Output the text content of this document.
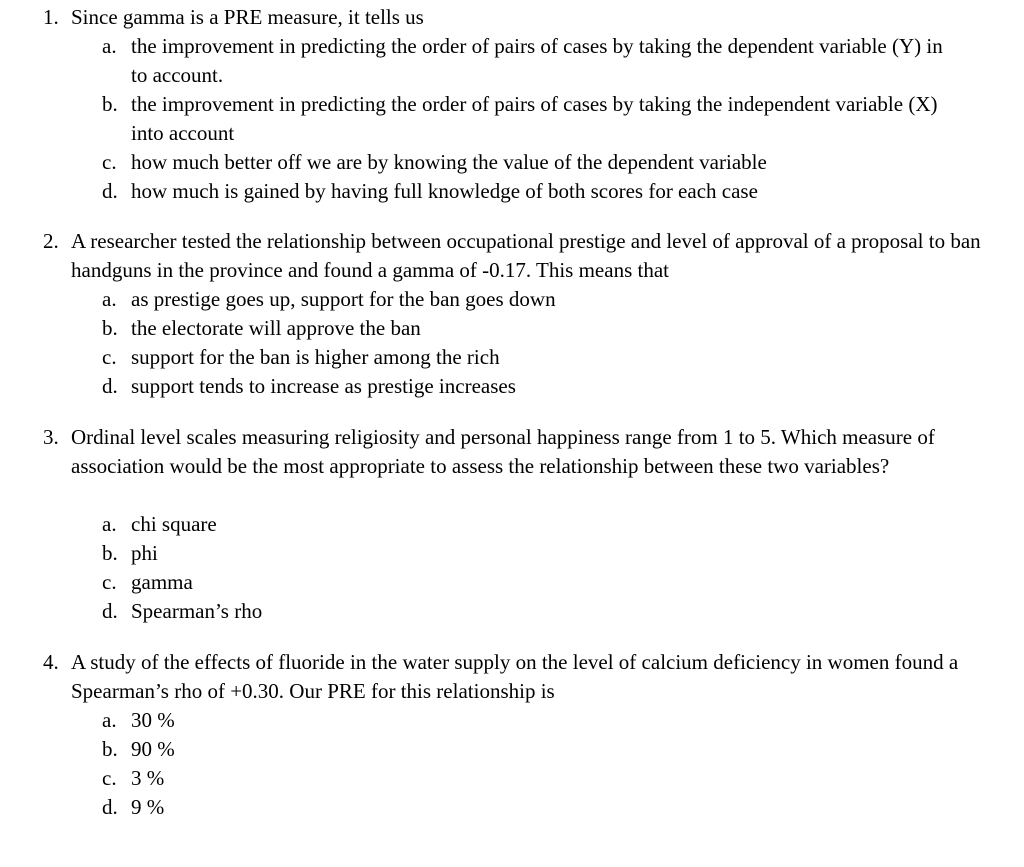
1. Since gamma is a PRE measure, it tells us
a. the improvement in predicting the order of pairs of cases by taking the dependent variable (Y) in to account.
b. the improvement in predicting the order of pairs of cases by taking the independent variable (X) into account
c. how much better off we are by knowing the value of the dependent variable
d. how much is gained by having full knowledge of both scores for each case
2. A researcher tested the relationship between occupational prestige and level of approval of a proposal to ban handguns in the province and found a gamma of -0.17. This means that
a. as prestige goes up, support for the ban goes down
b. the electorate will approve the ban
c. support for the ban is higher among the rich
d. support tends to increase as prestige increases
3. Ordinal level scales measuring religiosity and personal happiness range from 1 to 5. Which measure of association would be the most appropriate to assess the relationship between these two variables?
a. chi square
b. phi
c. gamma
d. Spearman’s rho
4. A study of the effects of fluoride in the water supply on the level of calcium deficiency in women found a Spearman’s rho of +0.30. Our PRE for this relationship is
a. 30 %
b. 90 %
c. 3 %
d. 9 %
